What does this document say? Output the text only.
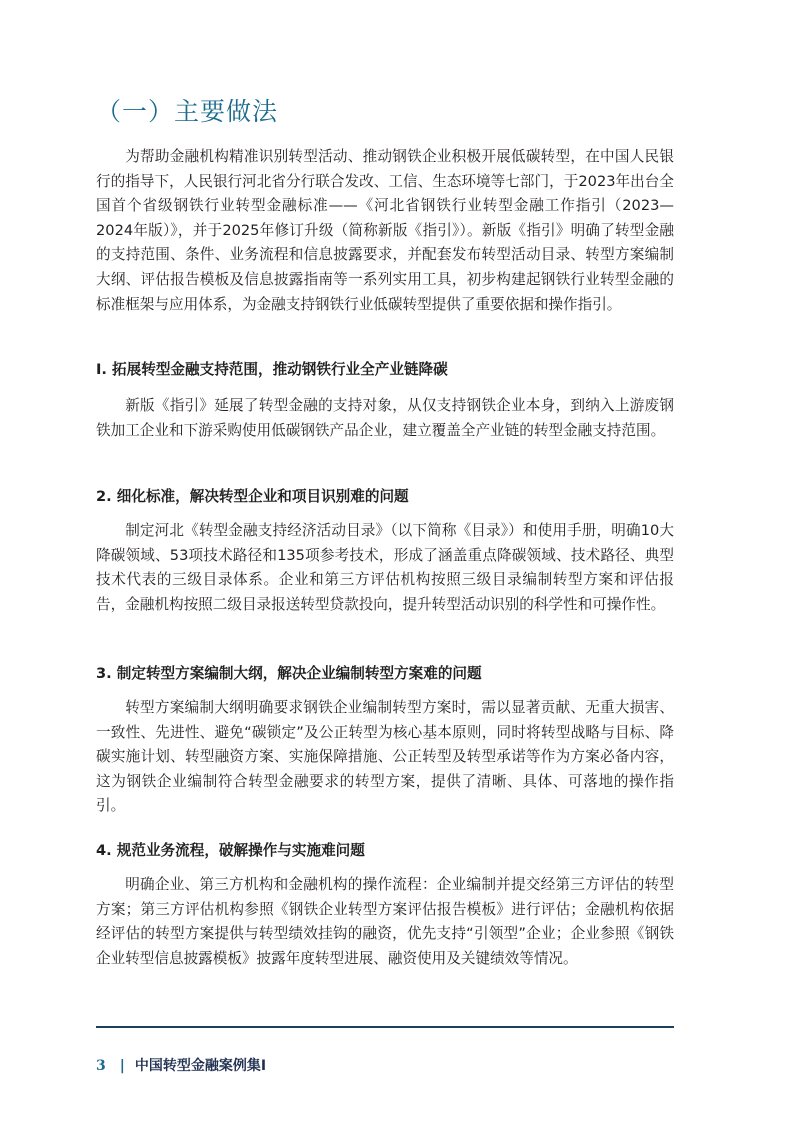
（一）主要做法

为帮助金融机构精准识别转型活动、推动钢铁企业积极开展低碳转型，在中国人民银行的指导下，人民银行河北省分行联合发改、工信、生态环境等七部门，于2023年出台全国首个省级钢铁行业转型金融标准——《河北省钢铁行业转型金融工作指引（2023—2024年版）》，并于2025年修订升级（简称新版《指引》）。新版《指引》明确了转型金融的支持范围、条件、业务流程和信息披露要求，并配套发布转型活动目录、转型方案编制大纲、评估报告模板及信息披露指南等一系列实用工具，初步构建起钢铁行业转型金融的标准框架与应用体系，为金融支持钢铁行业低碳转型提供了重要依据和操作指引。

I. 拓展转型金融支持范围，推动钢铁行业全产业链降碳

新版《指引》延展了转型金融的支持对象，从仅支持钢铁企业本身，到纳入上游废钢铁加工企业和下游采购使用低碳钢铁产品企业，建立覆盖全产业链的转型金融支持范围。

2. 细化标准，解决转型企业和项目识别难的问题

制定河北《转型金融支持经济活动目录》（以下简称《目录》）和使用手册，明确10大降碳领域、53项技术路径和135项参考技术，形成了涵盖重点降碳领域、技术路径、典型技术代表的三级目录体系。企业和第三方评估机构按照三级目录编制转型方案和评估报告，金融机构按照二级目录报送转型贷款投向，提升转型活动识别的科学性和可操作性。

3. 制定转型方案编制大纲，解决企业编制转型方案难的问题

转型方案编制大纲明确要求钢铁企业编制转型方案时，需以显著贡献、无重大损害、一致性、先进性、避免“碳锁定”及公正转型为核心基本原则，同时将转型战略与目标、降碳实施计划、转型融资方案、实施保障措施、公正转型及转型承诺等作为方案必备内容，这为钢铁企业编制符合转型金融要求的转型方案，提供了清晰、具体、可落地的操作指引。

4. 规范业务流程，破解操作与实施难问题

明确企业、第三方机构和金融机构的操作流程：企业编制并提交经第三方评估的转型方案；第三方评估机构参照《钢铁企业转型方案评估报告模板》进行评估；金融机构依据经评估的转型方案提供与转型绩效挂钩的融资，优先支持“引领型”企业；企业参照《钢铁企业转型信息披露模板》披露年度转型进展、融资使用及关键绩效等情况。

3 | 中国转型金融案例集I
